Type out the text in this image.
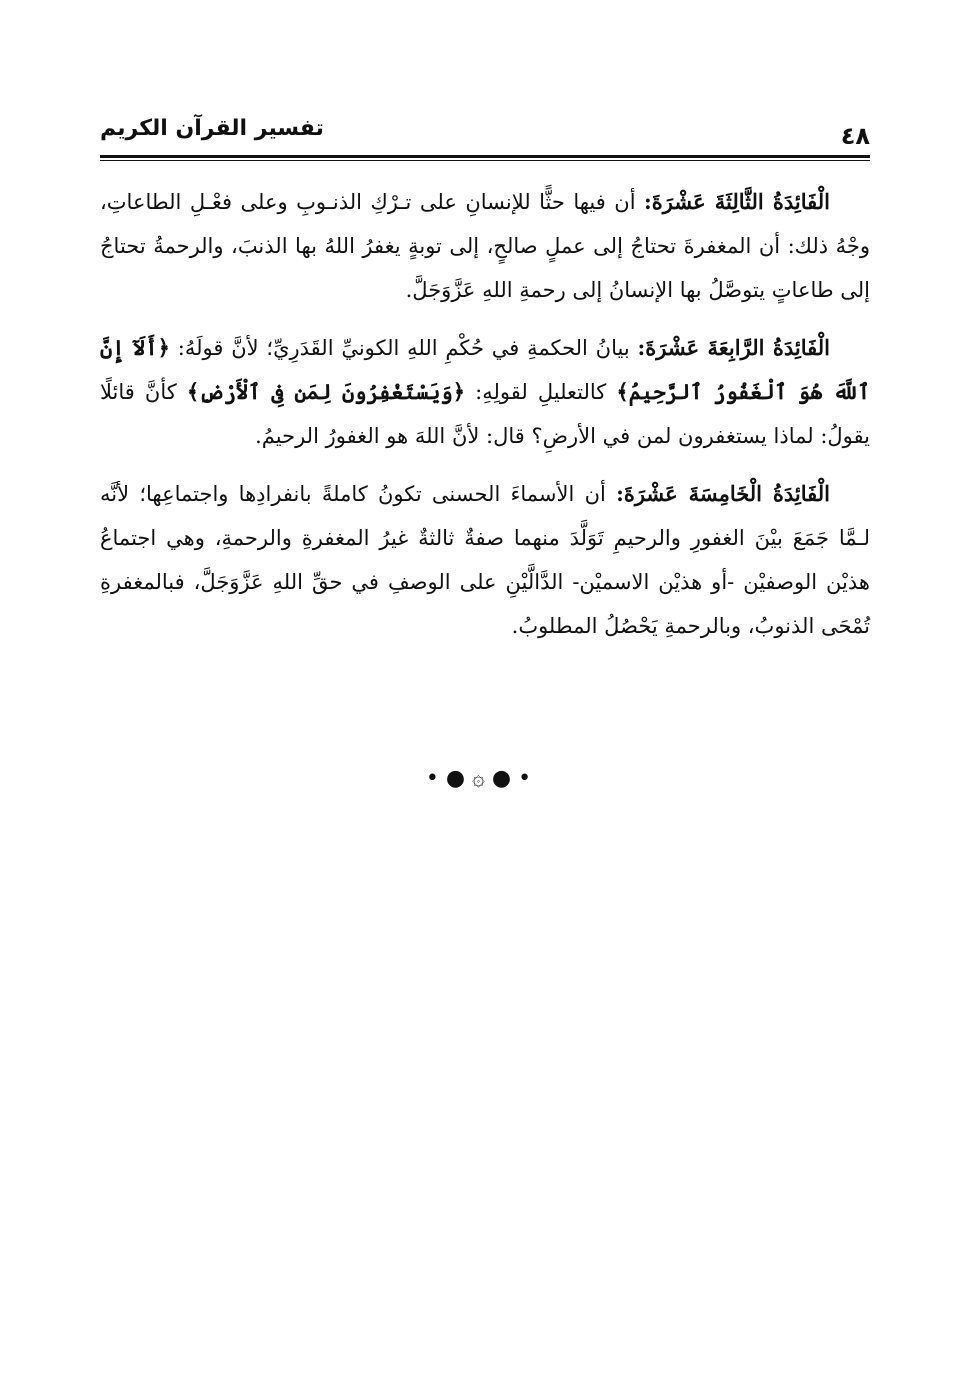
٤٨
تفسير القرآن الكريم

الْفَائِدَةُ الثَّالِثَةَ عَشْرَةَ: أن فيها حثًّا للإنسانِ على تـرْكِ الذنـوبِ وعلى فعْـلِ الطاعاتِ، وجْهُ ذلك: أن المغفرةَ تحتاجُ إلى عملٍ صالحٍ، إلى توبةٍ يغفرُ اللهُ بها الذنبَ، والرحمةُ تحتاجُ إلى طاعاتٍ يتوصَّلُ بها الإنسانُ إلى رحمةِ اللهِ عَزَّوَجَلَّ.

الْفَائِدَةُ الرَّابِعَةَ عَشْرَةَ: بيانُ الحكمةِ في حُكْمِ اللهِ الكونيِّ القَدَرِيِّ؛ لأنَّ قولَهُ: ﴿أَلَآ إِنَّ ٱللَّهَ هُوَ ٱلْغَفُورُ ٱلرَّحِيمُ﴾ كالتعليلِ لقولِهِ: ﴿وَيَسْتَغْفِرُونَ لِمَن فِى ٱلْأَرْضِ﴾ كأنَّ قائلًا يقولُ: لماذا يستغفرون لمن في الأرضِ؟ قال: لأنَّ اللهَ هو الغفورُ الرحيمُ.

الْفَائِدَةُ الْخَامِسَةَ عَشْرَةَ: أن الأسماءَ الحسنى تكونُ كاملةً بانفرادِها واجتماعِها؛ لأنَّه لـمَّا جَمَعَ بيْنَ الغفورِ والرحيمِ تَوَلَّدَ منهما صفةٌ ثالثةٌ غيرُ المغفرةِ والرحمةِ، وهي اجتماعُ هذيْن الوصفيْن -أو هذيْن الاسميْن- الدَّالَّيْنِ على الوصفِ في حقِّ اللهِ عَزَّوَجَلَّ، فبالمغفرةِ تُمْحَى الذنوبُ، وبالرحمةِ يَحْصُلُ المطلوبُ.

• ● ۞ ● •
